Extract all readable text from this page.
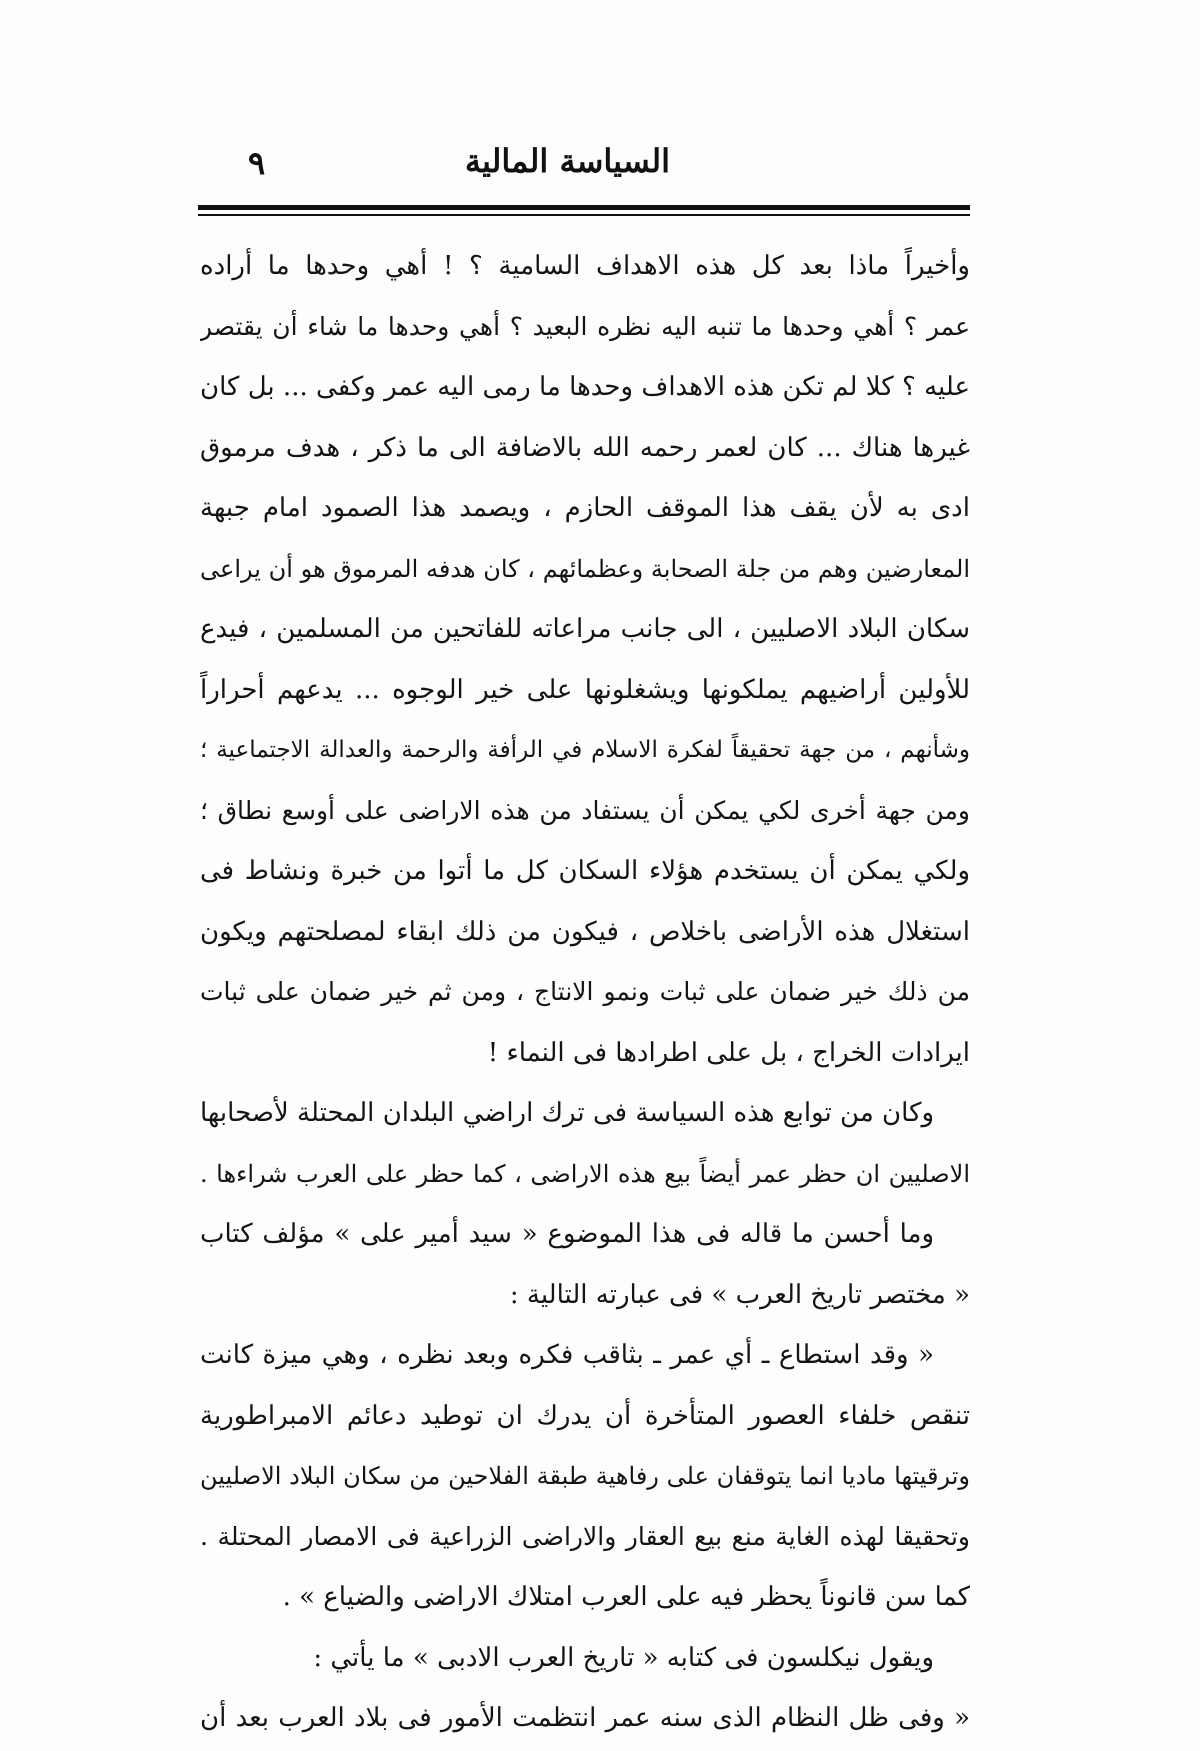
السياسة المالية
٩
وأخيراً ماذا بعد كل هذه الاهداف السامية ؟ ! أهي وحدها ما أراده
عمر ؟ أهي وحدها ما تنبه اليه نظره البعيد ؟ أهي وحدها ما شاء أن يقتصر
عليه ؟ كلا لم تكن هذه الاهداف وحدها ما رمى اليه عمر وكفى ... بل كان
غيرها هناك ... كان لعمر رحمه الله بالاضافة الى ما ذكر ، هدف مرموق
ادى به لأن يقف هذا الموقف الحازم ، ويصمد هذا الصمود امام جبهة
المعارضين وهم من جلة الصحابة وعظمائهم ، كان هدفه المرموق هو أن يراعى
سكان البلاد الاصليين ، الى جانب مراعاته للفاتحين من المسلمين ، فيدع
للأولين أراضيهم يملكونها ويشغلونها على خير الوجوه ... يدعهم أحراراً
وشأنهم ، من جهة تحقيقاً لفكرة الاسلام في الرأفة والرحمة والعدالة الاجتماعية ؛
ومن جهة أخرى لكي يمكن أن يستفاد من هذه الاراضى على أوسع نطاق ؛
ولكي يمكن أن يستخدم هؤلاء السكان كل ما أتوا من خبرة ونشاط فى
استغلال هذه الأراضى باخلاص ، فيكون من ذلك ابقاء لمصلحتهم ويكون
من ذلك خير ضمان على ثبات ونمو الانتاج ، ومن ثم خير ضمان على ثبات
ايرادات الخراج ، بل على اطرادها فى النماء !
وكان من توابع هذه السياسة فى ترك اراضي البلدان المحتلة لأصحابها
الاصليين ان حظر عمر أيضاً بيع هذه الاراضى ، كما حظر على العرب شراءها .
وما أحسن ما قاله فى هذا الموضوع « سيد أمير على » مؤلف كتاب
« مختصر تاريخ العرب » فى عبارته التالية :
« وقد استطاع ـ أي عمر ـ بثاقب فكره وبعد نظره ، وهي ميزة كانت
تنقص خلفاء العصور المتأخرة أن يدرك ان توطيد دعائم الامبراطورية
وترقيتها ماديا انما يتوقفان على رفاهية طبقة الفلاحين من سكان البلاد الاصليين
وتحقيقا لهذه الغاية منع بيع العقار والاراضى الزراعية فى الامصار المحتلة .
كما سن قانوناً يحظر فيه على العرب امتلاك الاراضى والضياع » .
ويقول نيكلسون فى كتابه « تاريخ العرب الادبى » ما يأتي :
« وفى ظل النظام الذى سنه عمر انتظمت الأمور فى بلاد العرب بعد أن
